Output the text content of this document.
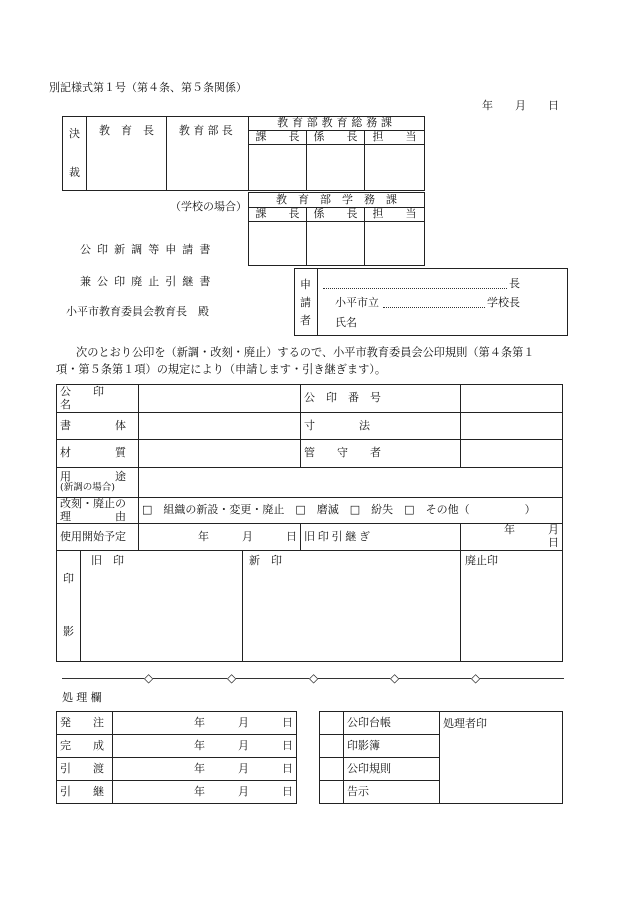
別記様式第１号（第４条、第５条関係）
年　　月　　日
決
裁	教　育　長	教育部長	教育部教育総務課		
			課　　長	係　　長	担　　当

（学校の場合）
教　育　部　学　務　課		
課　　長	係　　長	担　　当

公印新調等申請書
兼公印廃止引継書
小平市教育委員会教育長　殿
申
請
者
長
小平市立	学校長
氏名
次のとおり公印を（新調・改刻・廃止）するので、小平市教育委員会公印規則（第４条第１
項・第５条第１項）の規定により（申請します・引き継ぎます）。
公　　印　　名				公　印　番　号	
書　　　　体				寸　　　　法	
材　　　　質				管　　守　　者	

用　　　　途
(新調の場合)					

改刻・廃止の
理　　　　由		□　組織の新設・変更・廃止　□　磨滅　□　紛失　□　その他（　　　　　）			
使用開始予定		年　　　月　　　日		旧印引継ぎ	年　　　月　　　日

印
影	旧　印		新　印		廃止印
◇	◇	◇	◇	◇
処理欄
発　　注	年　　　月　　　日
完　　成	年　　　月　　　日
引　　渡	年　　　月　　　日
引　　継	年　　　月　　　日
	公印台帳	処理者印
	印影簿	
	公印規則	
	告示	
